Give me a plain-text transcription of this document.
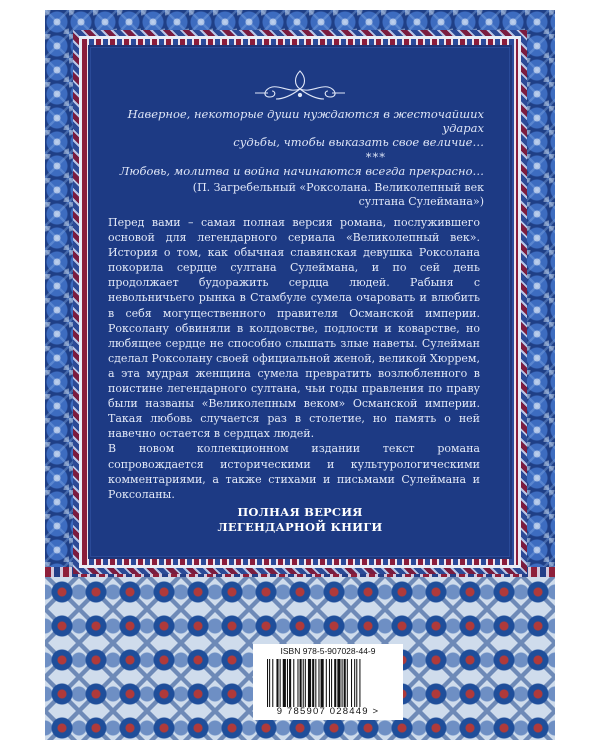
Наверное, некоторые души нуждаются в жесточайших ударах
судьбы, чтобы выказать свое величие…
***
Любовь, молитва и война начинаются всегда прекрасно…
(П. Загребельный «Роксолана. Великолепный век
султана Сулеймана»)

Перед вами – самая полная версия романа, послужившего основой для легендарного сериала «Великолепный век». История о том, как обычная славянская девушка Роксолана покорила сердце султана Сулеймана, и по сей день продолжает будоражить сердца людей. Рабыня с невольничьего рынка в Стамбуле сумела очаровать и влюбить в себя могущественного правителя Османской империи. Роксолану обвиняли в колдовстве, подлости и коварстве, но любящее сердце не способно слышать злые наветы. Сулейман сделал Роксолану своей официальной женой, великой Хюррем, а эта мудрая женщина сумела превратить возлюбленного в поистине легендарного султана, чьи годы правления по праву были названы «Великолепным веком» Османской империи. Такая любовь случается раз в столетие, но память о ней навечно остается в сердцах людей.

В новом коллекционном издании текст романа сопровождается историческими и культурологическими комментариями, а также стихами и письмами Сулеймана и Роксоланы.

ПОЛНАЯ ВЕРСИЯ
ЛЕГЕНДАРНОЙ КНИГИ
ISBN 978-5-907028-44-9
9 785907 028449 >
